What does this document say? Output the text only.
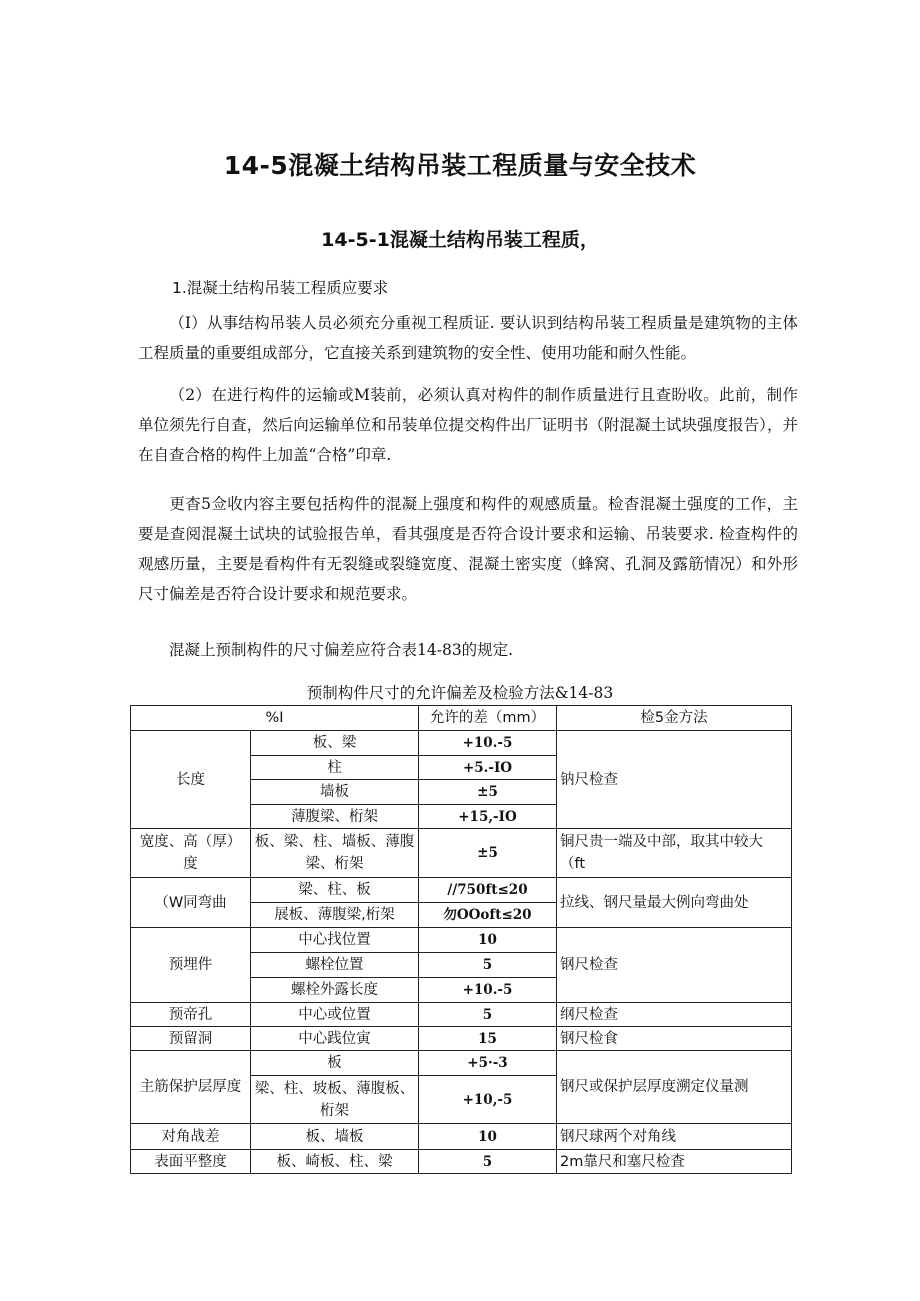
14-5混凝土结构吊装工程质量与安全技术
14-5-1混凝土结构吊装工程质，
1.混凝土结构吊装工程质应要求
（I）从事结构吊装人员必须充分重视工程质证. 要认识到结构吊装工程质量是建筑物的主体工程质量的重要组成部分，它直接关系到建筑物的安全性、使用功能和耐久性能。
（2）在进行构件的运输或M装前，必须认真对构件的制作质量进行且查盼收。此前，制作单位须先行自査，然后向运输单位和吊装单位提交构件出厂证明书（附混凝土试块强度报告），并在自查合格的构件上加盖“合格”印章.
更杳5佥收内容主要包括构件的混凝上强度和构件的观感质量。检杳混凝土强度的工作，主要是查阅混凝土试块的试验报告单，看其强度是否符合设计要求和运输、吊装要求. 检查构件的观感历量，主要是看构件有无裂缝或裂缝宽度、混凝土密实度（蜂窝、孔洞及露筋情况）和外形尺寸偏差是否符合设计要求和规范要求。
混凝上预制构件的尺寸偏差应符合表14-83的规定.
预制构件尺寸的允许偏差及检验方法&14-83
%I		允许的差（mm）	检5金方法
长度	板、梁	+10.-5	钠尺检查
	柱	+5.-IO	
	墙板	±5	
	薄腹梁、桁架	+15,-IO	
宽度、高（厚）度	板、梁、柱、墙板、薄腹梁、桁架	±5	铜尺贵一端及中部，取其中较大（ft
（W同弯曲	梁、柱、板	//750ft≤20	拉线、钢尺量最大例向弯曲处
	展板、薄腹梁,桁架	勿OOoft≤20	
预埋件	中心找位置	10	钢尺检查
	螺栓位置	5	
	螺栓外露长度	+10.-5	
预帝孔	中心或位置	5	纲尺检查
预留洞	中心践位寅	15	钢尺检食
主筋保护层厚度	板	+5·-3	钢尺或保护层厚度溯定仪量测
	梁、柱、坡板、薄腹板、桁架	+10,-5	
对角战差	板、墙板	10	钢尺球两个对角线
表面平整度	板、崎板、柱、梁	5	2m靠尺和塞尺检査
